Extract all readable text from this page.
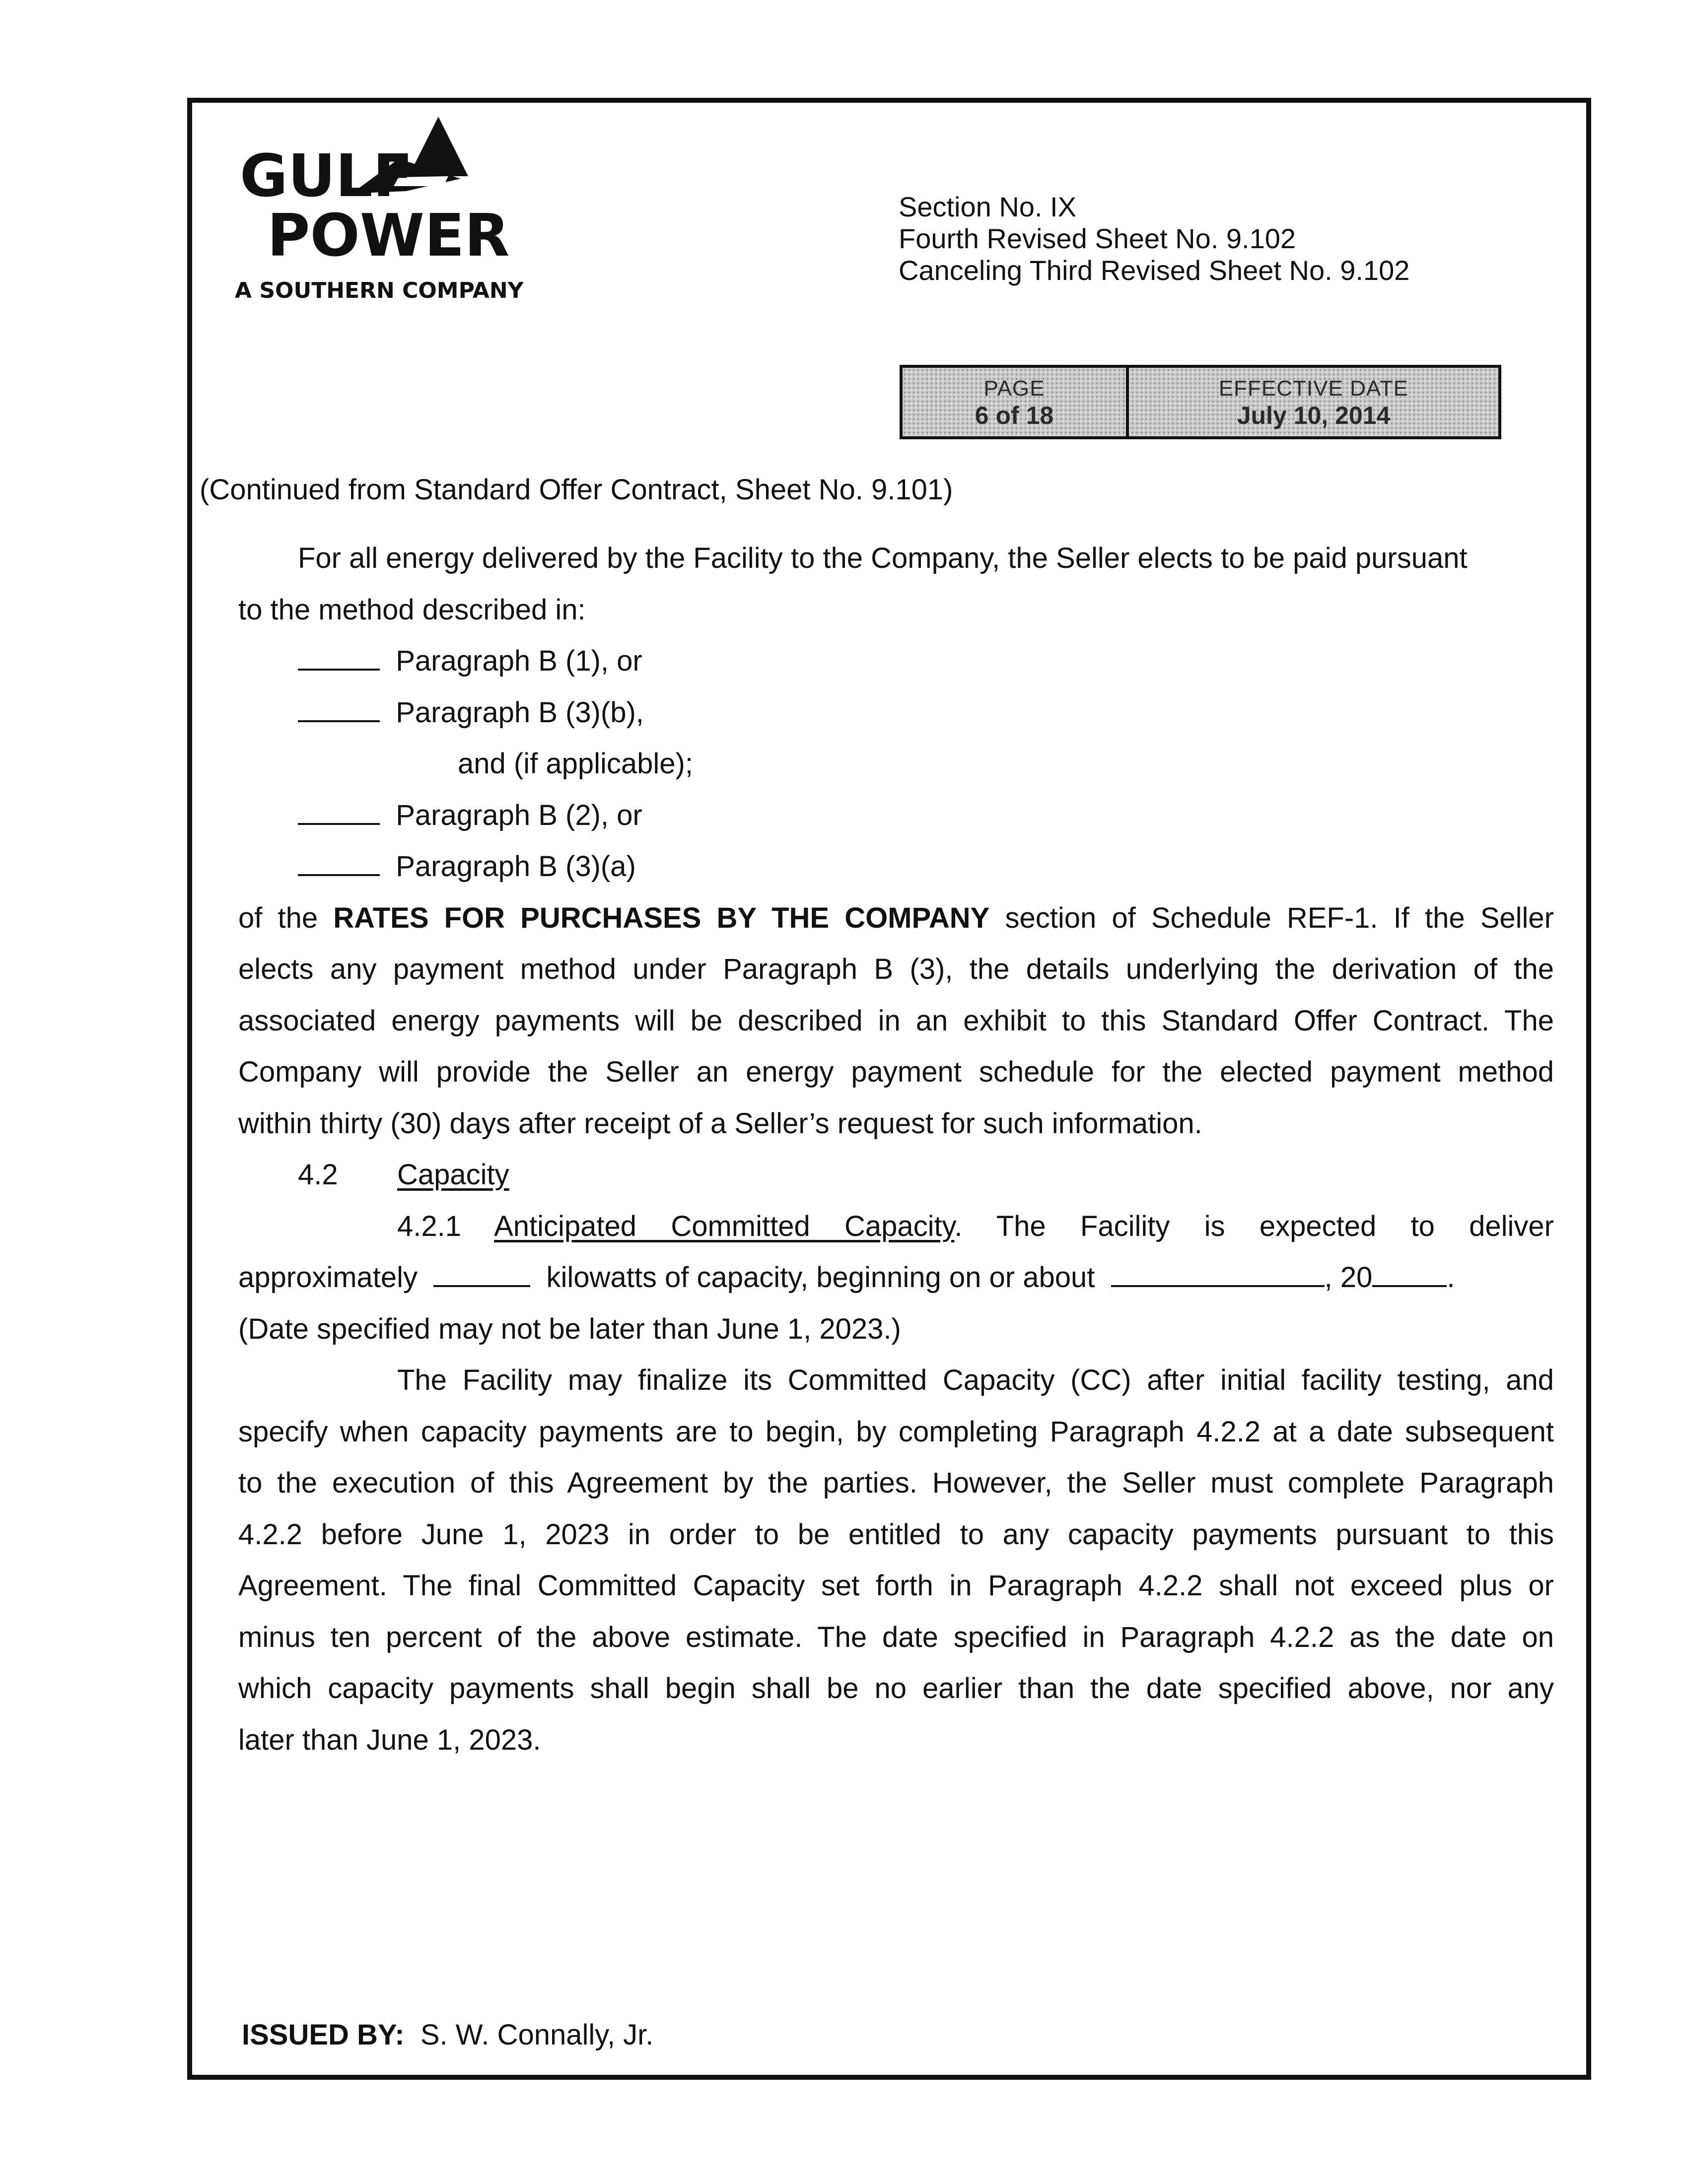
GULF
POWER
A SOUTHERN COMPANY
Section No. IX
Fourth Revised Sheet No. 9.102
Canceling Third Revised Sheet No. 9.102
PAGE
6 of 18
EFFECTIVE DATE
July 10, 2014
(Continued from Standard Offer Contract, Sheet No. 9.101)
For all energy delivered by the Facility to the Company, the Seller elects to be paid pursuant
to the method described in:
Paragraph B (1), or
Paragraph B (3)(b),
and (if applicable);
Paragraph B (2), or
Paragraph B (3)(a)
of the RATES FOR PURCHASES BY THE COMPANY section of Schedule REF-1. If the Seller
elects any payment method under Paragraph B (3), the details underlying the derivation of the
associated energy payments will be described in an exhibit to this Standard Offer Contract. The
Company will provide the Seller an energy payment schedule for the elected payment method
within thirty (30) days after receipt of a Seller’s request for such information.
4.2 Capacity
4.2.1 Anticipated Committed Capacity. The Facility is expected to deliver
approximately	kilowatts of capacity, beginning on or about	, 20	.
(Date specified may not be later than June 1, 2023.)
The Facility may finalize its Committed Capacity (CC) after initial facility testing, and
specify when capacity payments are to begin, by completing Paragraph 4.2.2 at a date subsequent
to the execution of this Agreement by the parties. However, the Seller must complete Paragraph
4.2.2 before June 1, 2023 in order to be entitled to any capacity payments pursuant to this
Agreement. The final Committed Capacity set forth in Paragraph 4.2.2 shall not exceed plus or
minus ten percent of the above estimate. The date specified in Paragraph 4.2.2 as the date on
which capacity payments shall begin shall be no earlier than the date specified above, nor any
later than June 1, 2023.
ISSUED BY: S. W. Connally, Jr.
